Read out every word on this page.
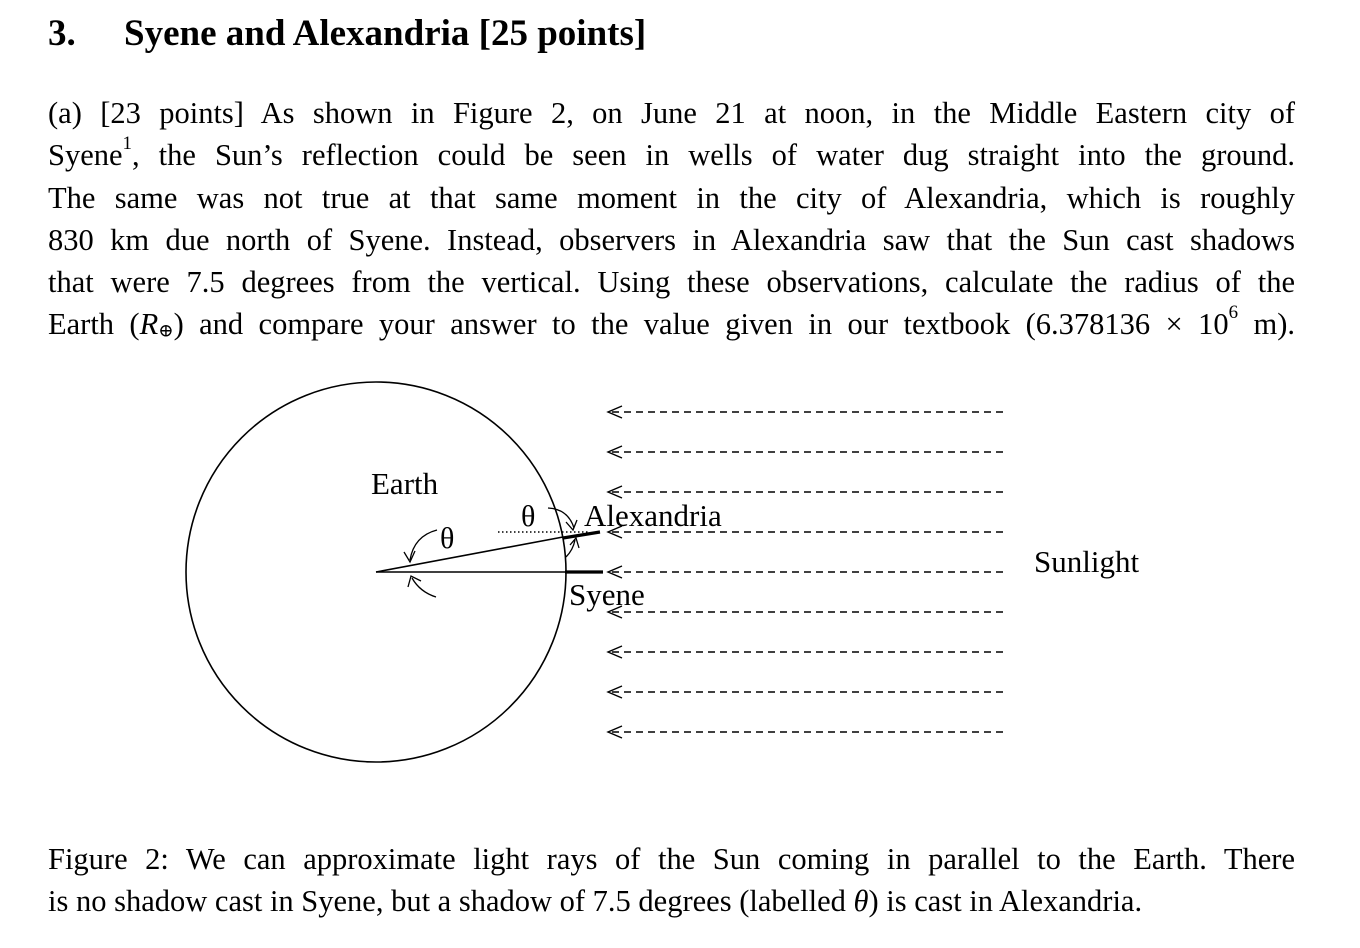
3. Syene and Alexandria [25 points]
(a) [23 points] As shown in Figure 2, on June 21 at noon, in the Middle Eastern city of
Syene$^1$, the Sun’s reflection could be seen in wells of water dug straight into the ground.
The same was not true at that same moment in the city of Alexandria, which is roughly
830 km due north of Syene. Instead, observers in Alexandria saw that the Sun cast shadows
that were 7.5 degrees from the vertical. Using these observations, calculate the radius of the
Earth (R⊕) and compare your answer to the value given in our textbook ($6.378136 \times 10^6$ m).
Earth
θ
θ Alexandria
Syene
Sunlight
Figure 2: We can approximate light rays of the Sun coming in parallel to the Earth. There
is no shadow cast in Syene, but a shadow of 7.5 degrees (labelled θ) is cast in Alexandria.
